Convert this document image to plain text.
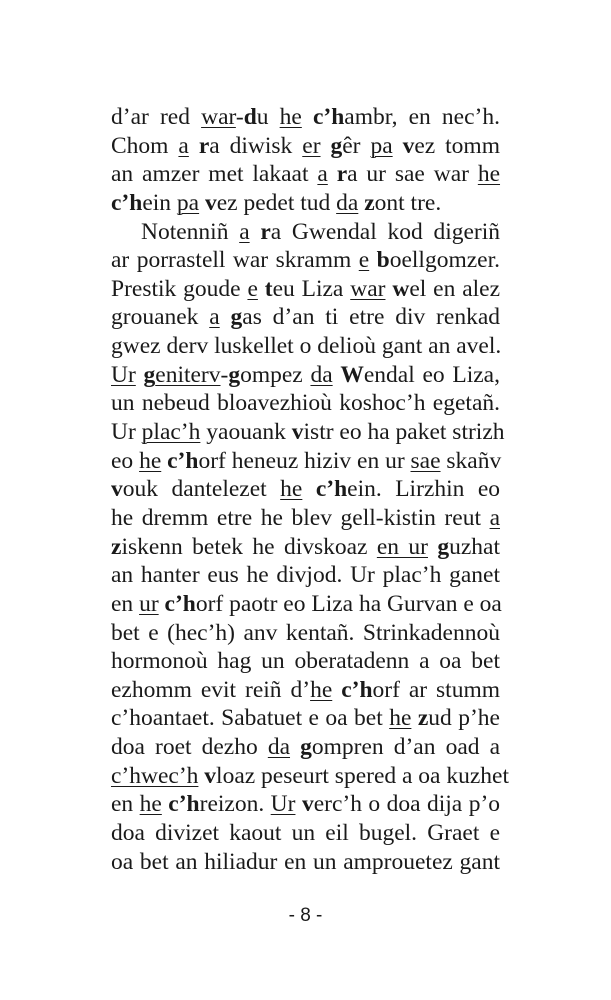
d’ar red war-du he c’hambr, en nec’h.
Chom a ra diwisk er gêr pa vez tomm
an amzer met lakaat a ra ur sae war he
c’hein pa vez pedet tud da zont tre.
Notenniñ a ra Gwendal kod digeriñ
ar porrastell war skramm e boellgomzer.
Prestik goude e teu Liza war wel en alez
grouanek a gas d’an ti etre div renkad
gwez derv luskellet o delioù gant an avel.
Ur geniterv-gompez da Wendal eo Liza,
un nebeud bloavezhioù koshoc’h egetañ.
Ur plac’h yaouank vistr eo ha paket strizh
eo he c’horf heneuz hiziv en ur sae skañv
vouk dantelezet he c’hein. Lirzhin eo
he dremm etre he blev gell-kistin reut a
ziskenn betek he divskoaz en ur guzhat
an hanter eus he divjod. Ur plac’h ganet
en ur c’horf paotr eo Liza ha Gurvan e oa
bet e (hec’h) anv kentañ. Strinkadennoù
hormonoù hag un oberatadenn a oa bet
ezhomm evit reiñ d’he c’horf ar stumm
c’hoantaet. Sabatuet e oa bet he zud p’he
doa roet dezho da gompren d’an oad a
c’hwec’h vloaz peseurt spered a oa kuzhet
en he c’hreizon. Ur verc’h o doa dija p’o
doa divizet kaout un eil bugel. Graet e
oa bet an hiliadur en un amprouetez gant
- 8 -
